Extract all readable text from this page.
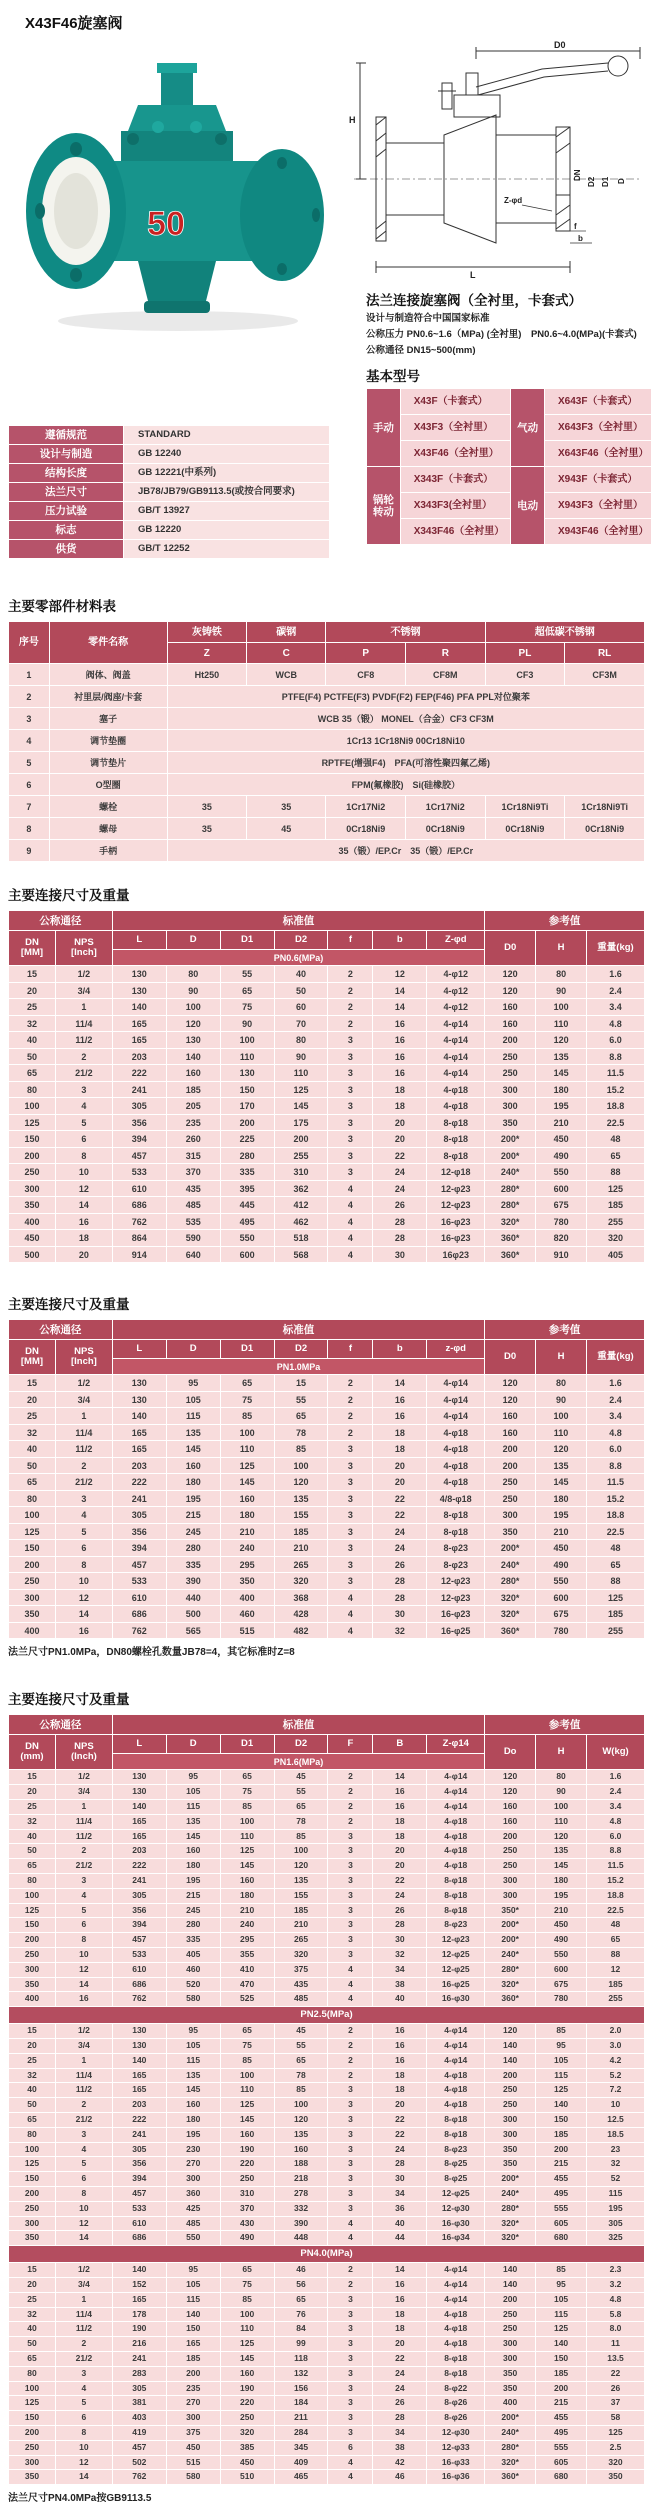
X43F46旋塞阀
50
D0
H
L
Z-φd
f
b
DN
D2 D1 D

法兰连接旋塞阀（全衬里，卡套式）

设计与制造符合中国国家标准

公称压力 PN0.6~1.6（MPa) (全衬里)　PN0.6~4.0(MPa)(卡套式)

公称通径 DN15~500(mm)

基本型号

手动	X43F（卡套式）	气动	X643F（卡套式）
	X43F3（全衬里）		X643F3（全衬里）
	X43F46（全衬里）		X643F46（全衬里）
锅轮转动	X343F（卡套式）	电动	X943F（卡套式）
	X343F3(全衬里）		X943F3（全衬里）
	X343F46（全衬里）		X943F46（全衬里）
遵循规范	STANDARD
设计与制造	GB 12240
结构长度	GB 12221(中系列)
法兰尺寸	JB78/JB79/GB9113.5(或按合同要求)
压力试验	GB/T 13927
标志	GB 12220
供货	GB/T 12252

主要零部件材料表

序号	零件名称	灰铸铁	碳钢	不锈钢		超低碳不锈钢	
		Z	C	P	R	PL	RL
1	阀体、阀盖	Ht250	WCB	CF8	CF8M	CF3	CF3M
2	衬里层/阀座/卡套	PTFE(F4) PCTFE(F3) PVDF(F2) FEP(F46) PFA PPL对位聚苯					
3	塞子	WCB 35（锻） MONEL（合金）CF3 CF3M					
4	调节垫圈	1Cr13 1Cr18Ni9 00Cr18Ni10					
5	调节垫片	RPTFE(增强F4)　PFA(可溶性聚四氟乙烯)					
6	O型圈	FPM(氟橡胶)　Si(硅橡胶）					
7	螺栓	35	35	1Cr17Ni2	1Cr17Ni2	1Cr18Ni9Ti	1Cr18Ni9Ti
8	螺母	35	45	0Cr18Ni9	0Cr18Ni9	0Cr18Ni9	0Cr18Ni9
9	手柄	35（锻）/EP.Cr　35（锻）/EP.Cr					

主要连接尺寸及重量

公称通径		标准值							参考值		
DN
[MM]	NPS
[Inch]	L	D	D1	D2	f	b	Z-φd	D0	H	重量(kg)
		PN0.6(MPa)									
15	1/2	130	80	55	40	2	12	4-φ12	120	80	1.6
20	3/4	130	90	65	50	2	14	4-φ12	120	90	2.4
25	1	140	100	75	60	2	14	4-φ12	160	100	3.4
32	11/4	165	120	90	70	2	16	4-φ14	160	110	4.8
40	11/2	165	130	100	80	3	16	4-φ14	200	120	6.0
50	2	203	140	110	90	3	16	4-φ14	250	135	8.8
65	21/2	222	160	130	110	3	16	4-φ14	250	145	11.5
80	3	241	185	150	125	3	18	4-φ18	300	180	15.2
100	4	305	205	170	145	3	18	4-φ18	300	195	18.8
125	5	356	235	200	175	3	20	8-φ18	350	210	22.5
150	6	394	260	225	200	3	20	8-φ18	200*	450	48
200	8	457	315	280	255	3	22	8-φ18	200*	490	65
250	10	533	370	335	310	3	24	12-φ18	240*	550	88
300	12	610	435	395	362	4	24	12-φ23	280*	600	125
350	14	686	485	445	412	4	26	12-φ23	280*	675	185
400	16	762	535	495	462	4	28	16-φ23	320*	780	255
450	18	864	590	550	518	4	28	16-φ23	360*	820	320
500	20	914	640	600	568	4	30	16φ23	360*	910	405

主要连接尺寸及重量

公称通径		标准值							参考值		
DN
[MM]	NPS
[Inch]	L	D	D1	D2	f	b	z-φd	D0	H	重量(kg)
		PN1.0MPa									
15	1/2	130	95	65	15	2	14	4-φ14	120	80	1.6
20	3/4	130	105	75	55	2	16	4-φ14	120	90	2.4
25	1	140	115	85	65	2	16	4-φ14	160	100	3.4
32	11/4	165	135	100	78	2	18	4-φ18	160	110	4.8
40	11/2	165	145	110	85	3	18	4-φ18	200	120	6.0
50	2	203	160	125	100	3	20	4-φ18	200	135	8.8
65	21/2	222	180	145	120	3	20	4-φ18	250	145	11.5
80	3	241	195	160	135	3	22	4/8-φ18	250	180	15.2
100	4	305	215	180	155	3	22	8-φ18	300	195	18.8
125	5	356	245	210	185	3	24	8-φ18	350	210	22.5
150	6	394	280	240	210	3	24	8-φ23	200*	450	48
200	8	457	335	295	265	3	26	8-φ23	240*	490	65
250	10	533	390	350	320	3	28	12-φ23	280*	550	88
300	12	610	440	400	368	4	28	12-φ23	320*	600	125
350	14	686	500	460	428	4	30	16-φ23	320*	675	185
400	16	762	565	515	482	4	32	16-φ25	360*	780	255

法兰尺寸PN1.0MPa，DN80螺栓孔数量JB78=4，其它标准时Z=8

主要连接尺寸及重量

公称通径		标准值							参考值		
DN
(mm)	NPS
(Inch)	L	D	D1	D2	F	B	Z-φ14	Do	H	W(kg)
		PN1.6(MPa)									
15	1/2	130	95	65	45	2	14	4-φ14	120	80	1.6
20	3/4	130	105	75	55	2	16	4-φ14	120	90	2.4
25	1	140	115	85	65	2	16	4-φ14	160	100	3.4
32	11/4	165	135	100	78	2	18	4-φ18	160	110	4.8
40	11/2	165	145	110	85	3	18	4-φ18	200	120	6.0
50	2	203	160	125	100	3	20	4-φ18	250	135	8.8
65	21/2	222	180	145	120	3	20	4-φ18	250	145	11.5
80	3	241	195	160	135	3	22	8-φ18	300	180	15.2
100	4	305	215	180	155	3	24	8-φ18	300	195	18.8
125	5	356	245	210	185	3	26	8-φ18	350*	210	22.5
150	6	394	280	240	210	3	28	8-φ23	200*	450	48
200	8	457	335	295	265	3	30	12-φ23	200*	490	65
250	10	533	405	355	320	3	32	12-φ25	240*	550	88
300	12	610	460	410	375	4	34	12-φ25	280*	600	12
350	14	686	520	470	435	4	38	16-φ25	320*	675	185
400	16	762	580	525	485	4	40	16-φ30	360*	780	255
PN2.5(MPa)											
15	1/2	130	95	65	45	2	16	4-φ14	120	85	2.0
20	3/4	130	105	75	55	2	16	4-φ14	140	95	3.0
25	1	140	115	85	65	2	16	4-φ14	140	105	4.2
32	11/4	165	135	100	78	2	18	4-φ18	200	115	5.2
40	11/2	165	145	110	85	3	18	4-φ18	250	125	7.2
50	2	203	160	125	100	3	20	4-φ18	250	140	10
65	21/2	222	180	145	120	3	22	8-φ18	300	150	12.5
80	3	241	195	160	135	3	22	8-φ18	300	185	18.5
100	4	305	230	190	160	3	24	8-φ23	350	200	23
125	5	356	270	220	188	3	28	8-φ25	350	215	32
150	6	394	300	250	218	3	30	8-φ25	200*	455	52
200	8	457	360	310	278	3	34	12-φ25	240*	495	115
250	10	533	425	370	332	3	36	12-φ30	280*	555	195
300	12	610	485	430	390	4	40	16-φ30	320*	605	305
350	14	686	550	490	448	4	44	16-φ34	320*	680	325
PN4.0(MPa)											
15	1/2	140	95	65	46	2	14	4-φ14	140	85	2.3
20	3/4	152	105	75	56	2	16	4-φ14	140	95	3.2
25	1	165	115	85	65	3	16	4-φ14	200	105	4.8
32	11/4	178	140	100	76	3	18	4-φ18	250	115	5.8
40	11/2	190	150	110	84	3	18	4-φ18	250	125	8.0
50	2	216	165	125	99	3	20	4-φ18	300	140	11
65	21/2	241	185	145	118	3	22	8-φ18	300	150	13.5
80	3	283	200	160	132	3	24	8-φ18	350	185	22
100	4	305	235	190	156	3	24	8-φ22	350	200	26
125	5	381	270	220	184	3	26	8-φ26	400	215	37
150	6	403	300	250	211	3	28	8-φ26	200*	455	58
200	8	419	375	320	284	3	34	12-φ30	240*	495	125
250	10	457	450	385	345	6	38	12-φ33	280*	555	2.5
300	12	502	515	450	409	4	42	16-φ33	320*	605	320
350	14	762	580	510	465	4	46	16-φ36	360*	680	350

法兰尺寸PN4.0MPa按GB9113.5
